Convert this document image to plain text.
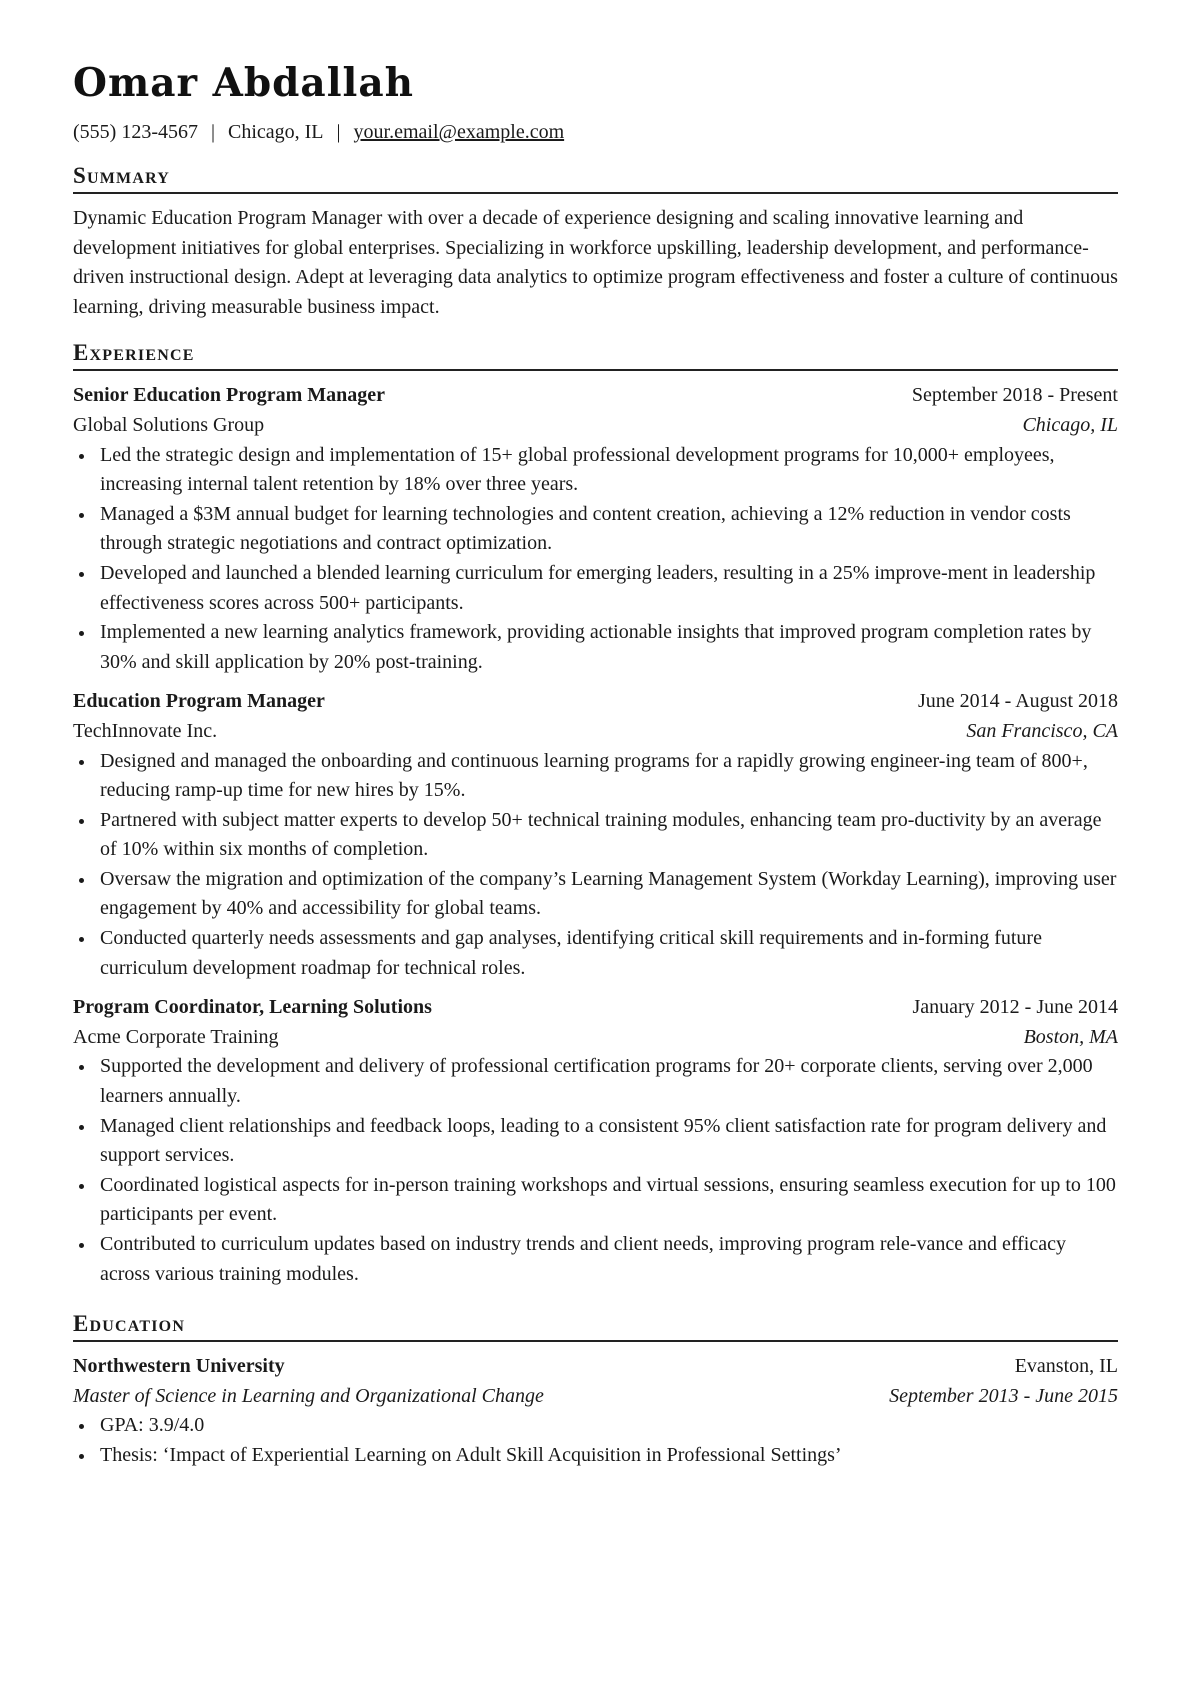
Omar Abdallah
(555) 123-4567 | Chicago, IL | your.email@example.com
Summary

Dynamic Education Program Manager with over a decade of experience designing and scaling innovative learning and development initiatives for global enterprises. Specializing in workforce upskilling, leadership development, and performance-driven instructional design. Adept at leveraging data analytics to optimize program effectiveness and foster a culture of continuous learning, driving measurable business impact.

Experience
Senior Education Program Manager	September 2018 - Present
Global Solutions Group	Chicago, IL
Led the strategic design and implementation of 15+ global professional development programs for 10,000+ employees, increasing internal talent retention by 18% over three years.
Managed a $3M annual budget for learning technologies and content creation, achieving a 12% reduction in vendor costs through strategic negotiations and contract optimization.
Developed and launched a blended learning curriculum for emerging leaders, resulting in a 25% improve-ment in leadership effectiveness scores across 500+ participants.
Implemented a new learning analytics framework, providing actionable insights that improved program completion rates by 30% and skill application by 20% post-training.
Education Program Manager	June 2014 - August 2018
TechInnovate Inc.	San Francisco, CA
Designed and managed the onboarding and continuous learning programs for a rapidly growing engineer-ing team of 800+, reducing ramp-up time for new hires by 15%.
Partnered with subject matter experts to develop 50+ technical training modules, enhancing team pro-ductivity by an average of 10% within six months of completion.
Oversaw the migration and optimization of the company’s Learning Management System (Workday Learning), improving user engagement by 40% and accessibility for global teams.
Conducted quarterly needs assessments and gap analyses, identifying critical skill requirements and in-forming future curriculum development roadmap for technical roles.
Program Coordinator, Learning Solutions	January 2012 - June 2014
Acme Corporate Training	Boston, MA
Supported the development and delivery of professional certification programs for 20+ corporate clients, serving over 2,000 learners annually.
Managed client relationships and feedback loops, leading to a consistent 95% client satisfaction rate for program delivery and support services.
Coordinated logistical aspects for in-person training workshops and virtual sessions, ensuring seamless execution for up to 100 participants per event.
Contributed to curriculum updates based on industry trends and client needs, improving program rele-vance and efficacy across various training modules.
Education
Northwestern University	Evanston, IL
Master of Science in Learning and Organizational Change	September 2013 - June 2015
GPA: 3.9/4.0
Thesis: ‘Impact of Experiential Learning on Adult Skill Acquisition in Professional Settings’
